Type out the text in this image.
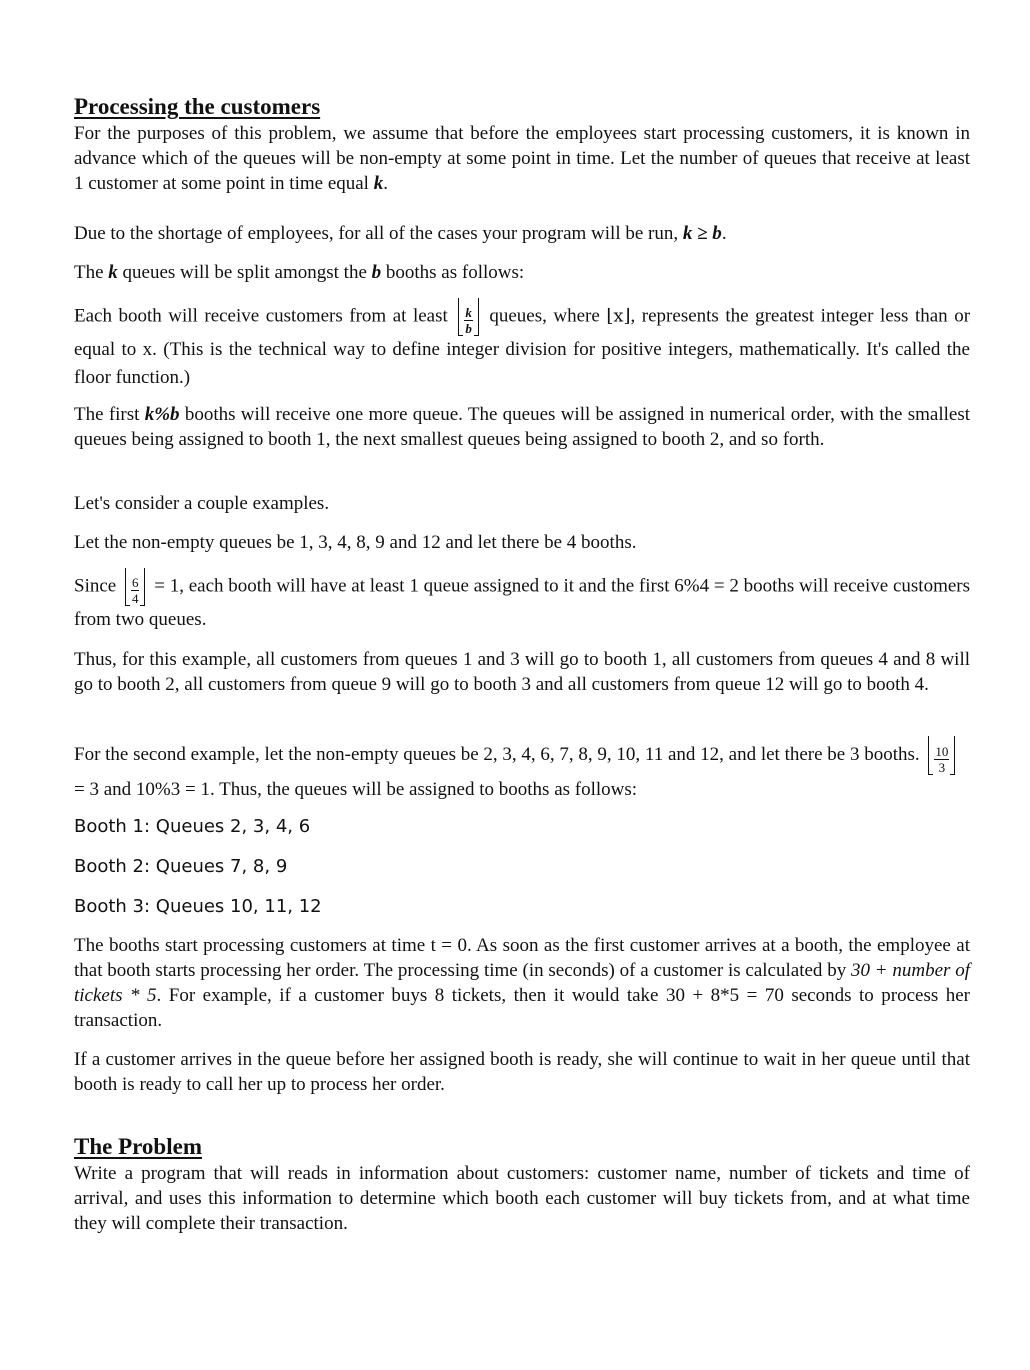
Processing the customers
For the purposes of this problem, we assume that before the employees start processing customers, it is known in advance which of the queues will be non-empty at some point in time. Let the number of queues that receive at least 1 customer at some point in time equal k.
Due to the shortage of employees, for all of the cases your program will be run, k ≥ b.
The k queues will be split amongst the b booths as follows:
Each booth will receive customers from at least $\frac{k}{b}$ queues, where ⌊x⌋, represents the greatest integer less than or equal to x. (This is the technical way to define integer division for positive integers, mathematically. It's called the floor function.)
The first k%b booths will receive one more queue. The queues will be assigned in numerical order, with the smallest queues being assigned to booth 1, the next smallest queues being assigned to booth 2, and so forth.
Let's consider a couple examples.
Let the non-empty queues be 1, 3, 4, 8, 9 and 12 and let there be 4 booths.
Since $\frac{6}{4} = 1$, each booth will have at least 1 queue assigned to it and the first 6%4 = 2 booths will receive customers from two queues.
Thus, for this example, all customers from queues 1 and 3 will go to booth 1, all customers from queues 4 and 8 will go to booth 2, all customers from queue 9 will go to booth 3 and all customers from queue 12 will go to booth 4.
For the second example, let the non-empty queues be 2, 3, 4, 6, 7, 8, 9, 10, 11 and 12, and let there be 3 booths. $\frac{10}{3}$
= 3 and 10%3 = 1. Thus, the queues will be assigned to booths as follows:
Booth 1: Queues 2, 3, 4, 6
Booth 2: Queues 7, 8, 9
Booth 3: Queues 10, 11, 12
The booths start processing customers at time t = 0. As soon as the first customer arrives at a booth, the employee at that booth starts processing her order. The processing time (in seconds) of a customer is calculated by 30 + number of tickets * 5. For example, if a customer buys 8 tickets, then it would take 30 + 8*5 = 70 seconds to process her transaction.
If a customer arrives in the queue before her assigned booth is ready, she will continue to wait in her queue until that booth is ready to call her up to process her order.
The Problem
Write a program that will reads in information about customers: customer name, number of tickets and time of arrival, and uses this information to determine which booth each customer will buy tickets from, and at what time they will complete their transaction.
